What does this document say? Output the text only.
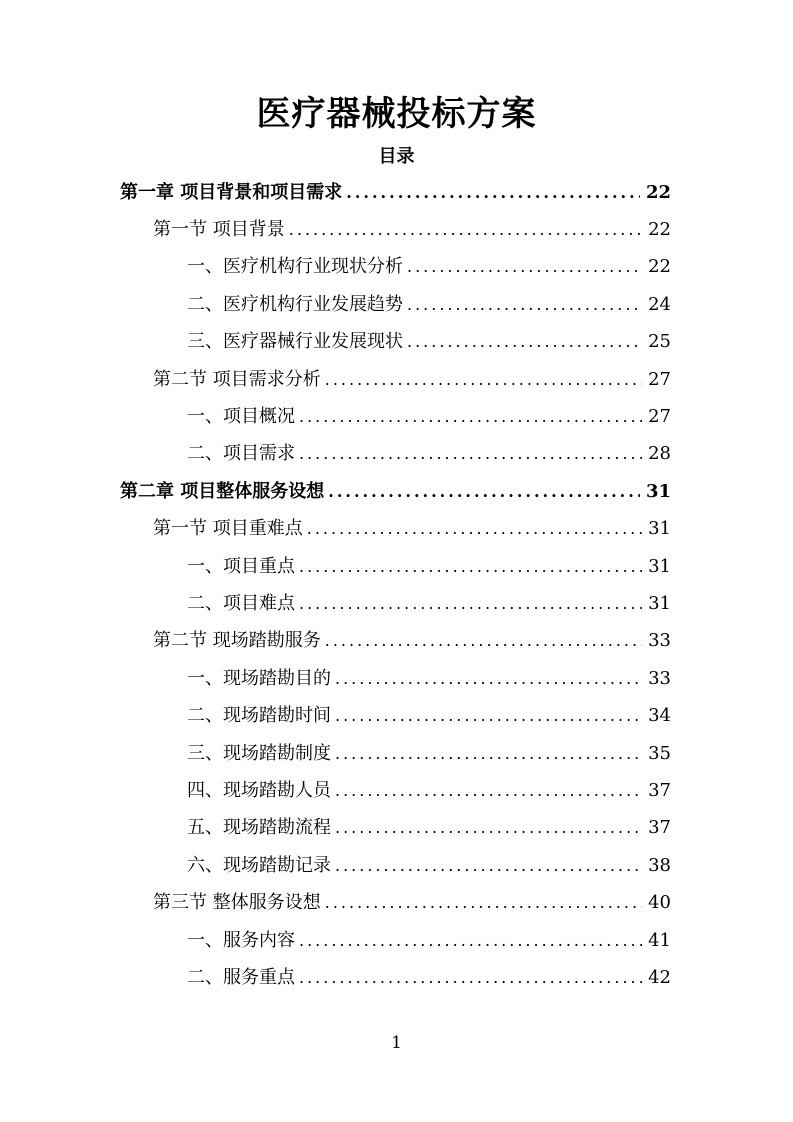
医疗器械投标方案
目录
第一章 项目背景和项目需求 .....	22
第一节 项目背景 .....	22
一、医疗机构行业现状分析 .....	22
二、医疗机构行业发展趋势 .....	24
三、医疗器械行业发展现状 .....	25
第二节 项目需求分析 .....	27
一、项目概况 .....	27
二、项目需求 .....	28
第二章 项目整体服务设想 .....	31
第一节 项目重难点 .....	31
一、项目重点 .....	31
二、项目难点 .....	31
第二节 现场踏勘服务 .....	33
一、现场踏勘目的 .....	33
二、现场踏勘时间 .....	34
三、现场踏勘制度 .....	35
四、现场踏勘人员 .....	37
五、现场踏勘流程 .....	37
六、现场踏勘记录 .....	38
第三节 整体服务设想 .....	40
一、服务内容 .....	41
二、服务重点 .....	42
1
